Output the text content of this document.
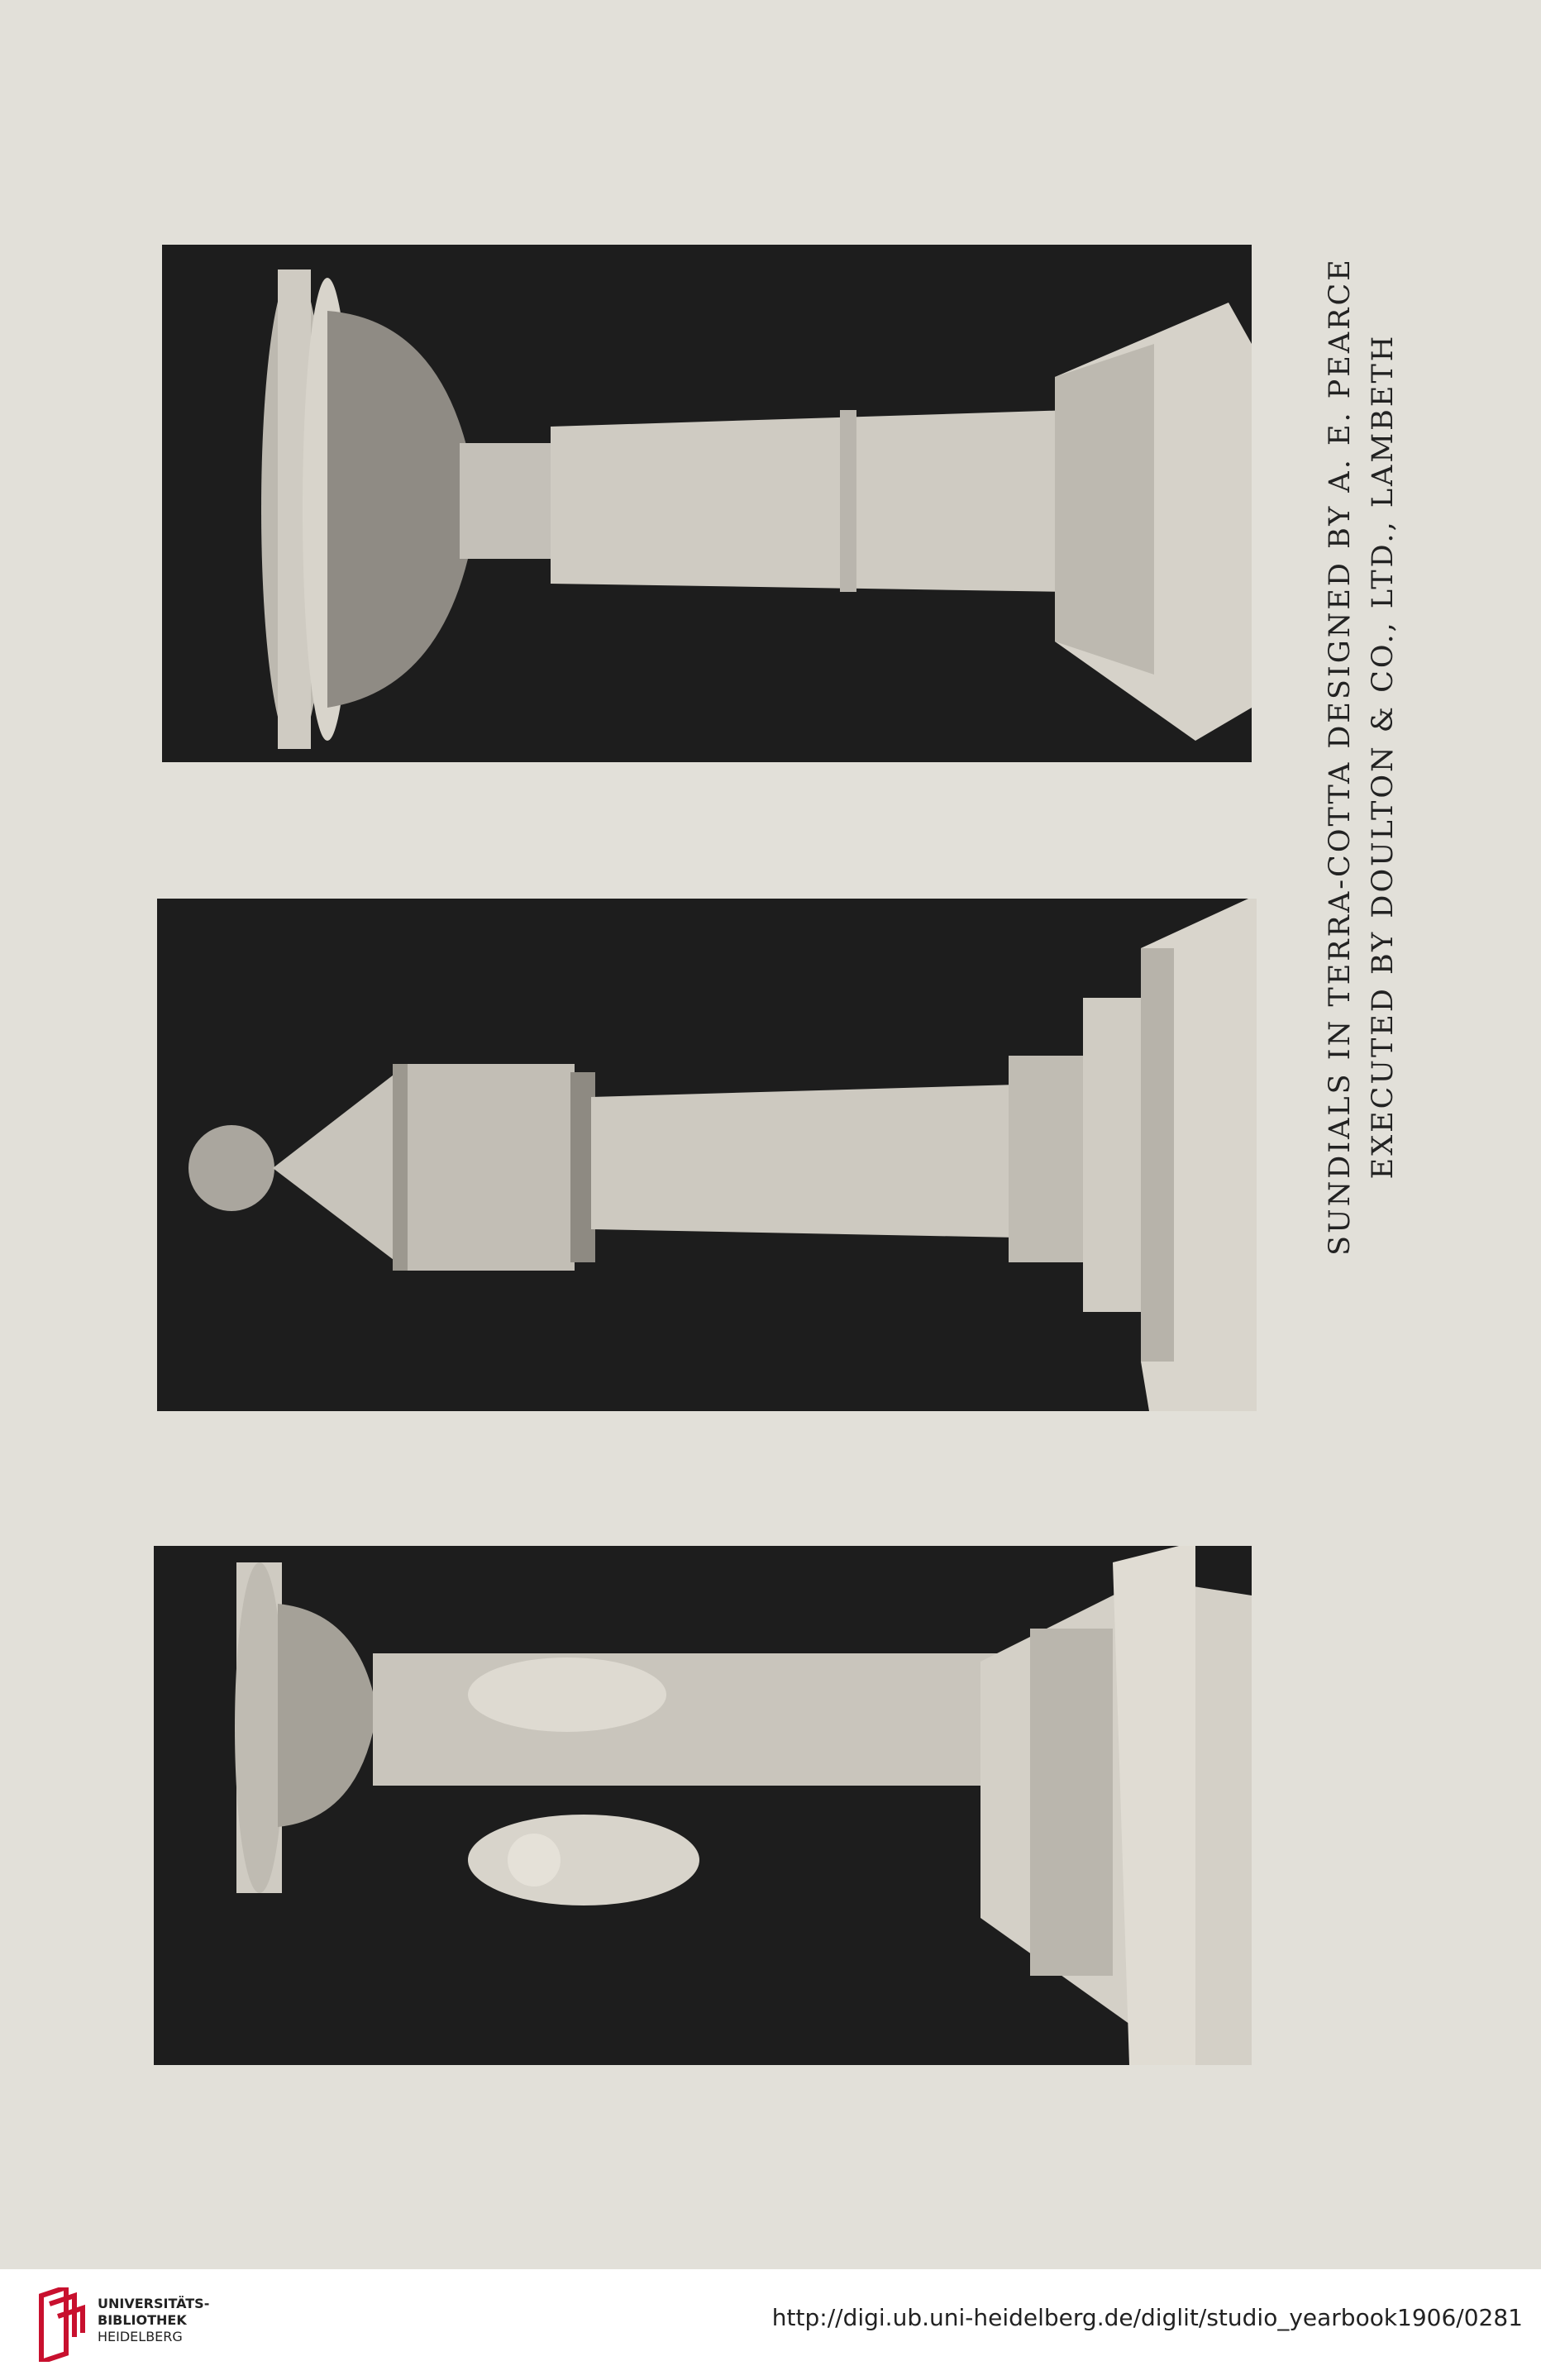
SUNDIALS IN TERRA-COTTA DESIGNED BY A. E. PEARCE EXECUTED BY DOULTON & CO., LTD., LAMBETH
UNIVERSITÄTS-
BIBLIOTHEK
HEIDELBERG
http://digi.ub.uni-heidelberg.de/diglit/studio_yearbook1906/0281
